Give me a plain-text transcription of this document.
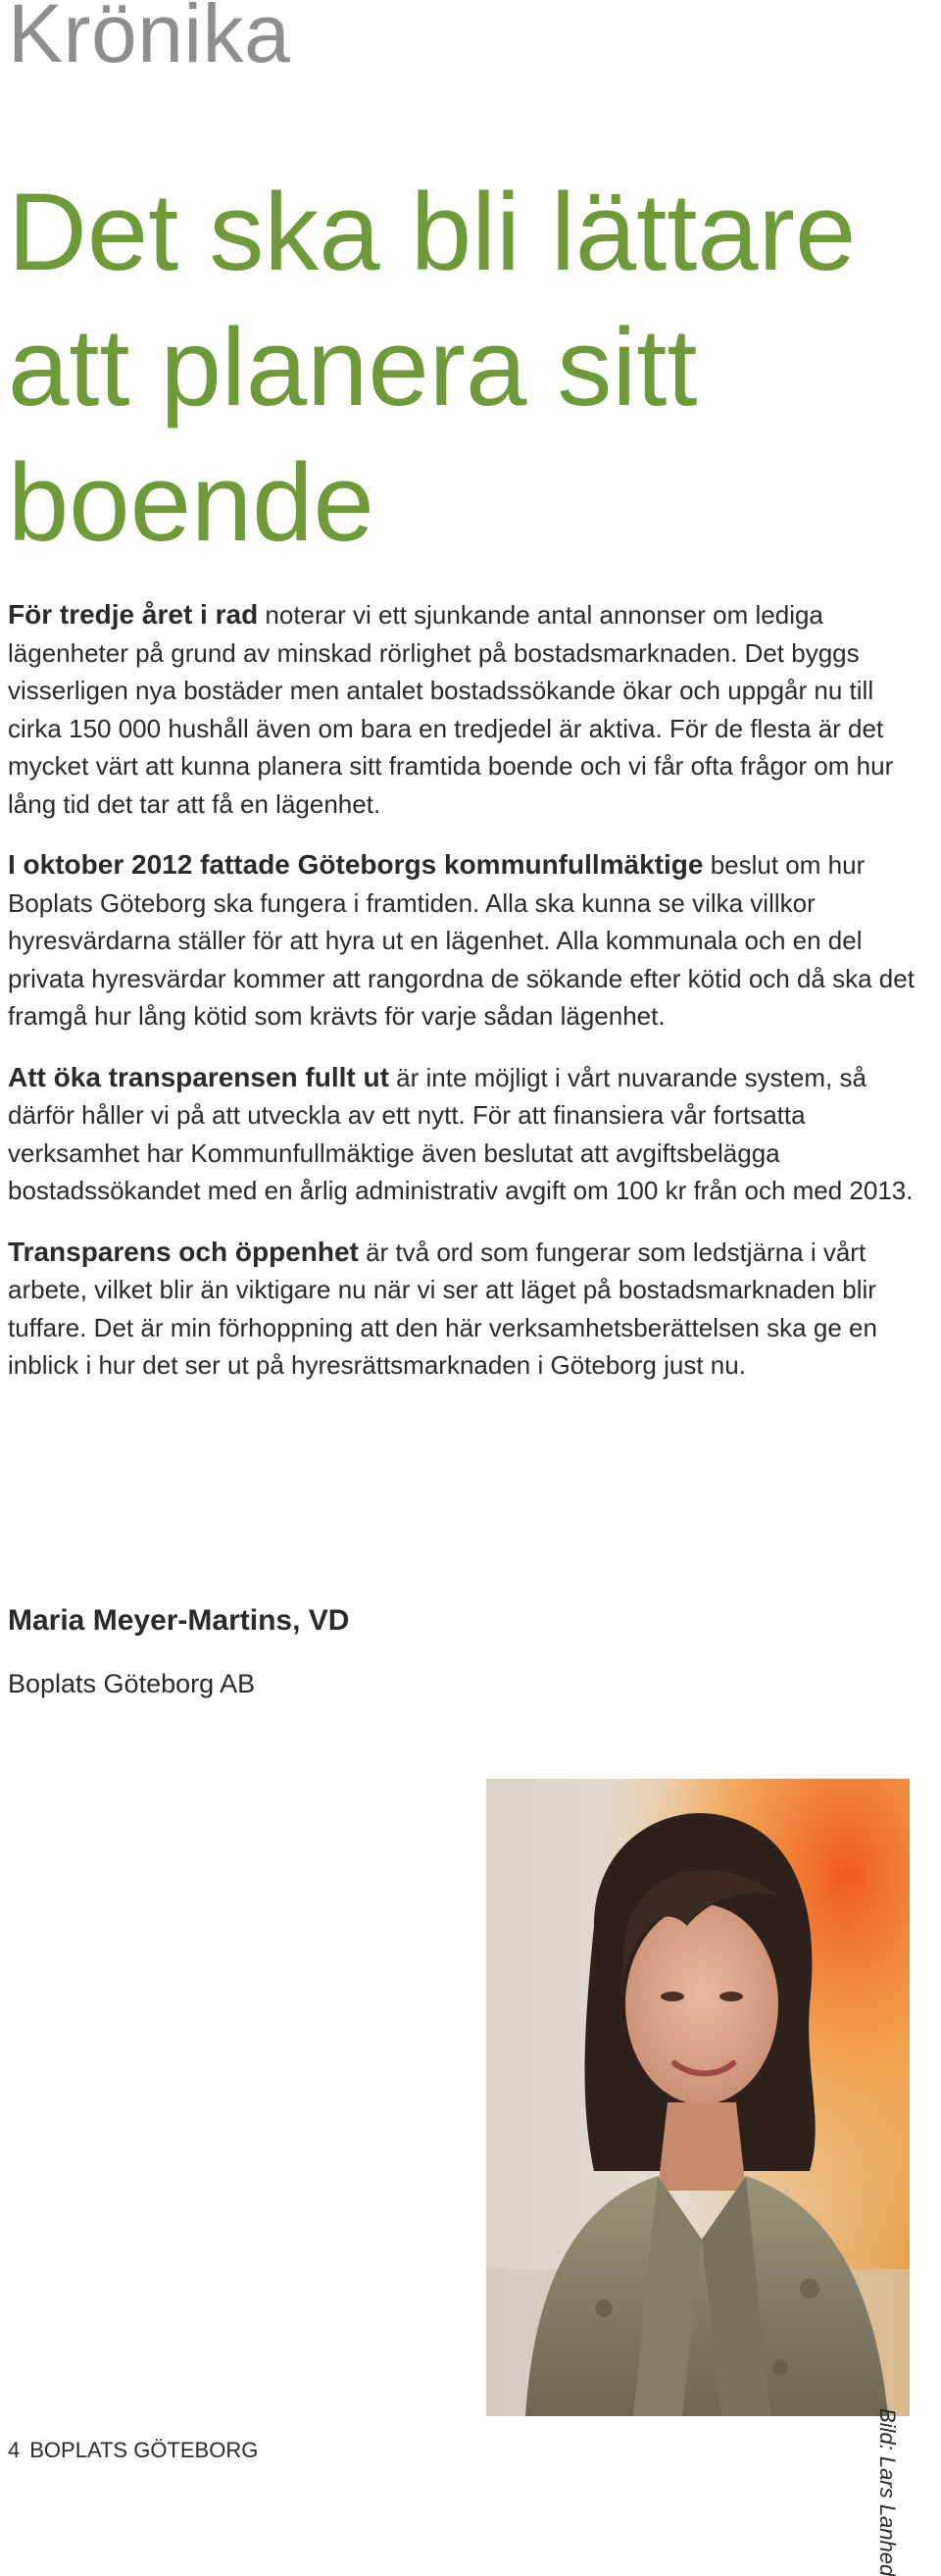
Krönika
Det ska bli lättare att planera sitt boende

För tredje året i rad noterar vi ett sjunkande antal annonser om lediga lägenheter på grund av minskad rörlighet på bostadsmarknaden. Det byggs visserligen nya bostäder men antalet bostadssökande ökar och uppgår nu till cirka 150 000 hushåll även om bara en tredjedel är aktiva. För de flesta är det mycket värt att kunna planera sitt framtida boende och vi får ofta frågor om hur lång tid det tar att få en lägenhet.

I oktober 2012 fattade Göteborgs kommunfullmäktige beslut om hur Boplats Göteborg ska fungera i framtiden. Alla ska kunna se vilka villkor hyresvärdarna ställer för att hyra ut en lägenhet. Alla kommunala och en del privata hyresvärdar kommer att rangordna de sökande efter kötid och då ska det framgå hur lång kötid som krävts för varje sådan lägenhet.

Att öka transparensen fullt ut är inte möjligt i vårt nuvarande system, så därför håller vi på att utveckla av ett nytt. För att finansiera vår fortsatta verksamhet har Kommunfullmäktige även beslutat att avgiftsbelägga bostadssökandet med en årlig administrativ avgift om 100 kr från och med 2013.

Transparens och öppenhet är två ord som fungerar som ledstjärna i vårt arbete, vilket blir än viktigare nu när vi ser att läget på bostadsmarknaden blir tuffare. Det är min förhoppning att den här verksamhetsberättelsen ska ge en inblick i hur det ser ut på hyresrättsmarknaden i Göteborg just nu.

Maria Meyer-Martins, VD

Boplats Göteborg AB

Bild: Lars Lanhed

4 BOPLATS GÖTEBORG
